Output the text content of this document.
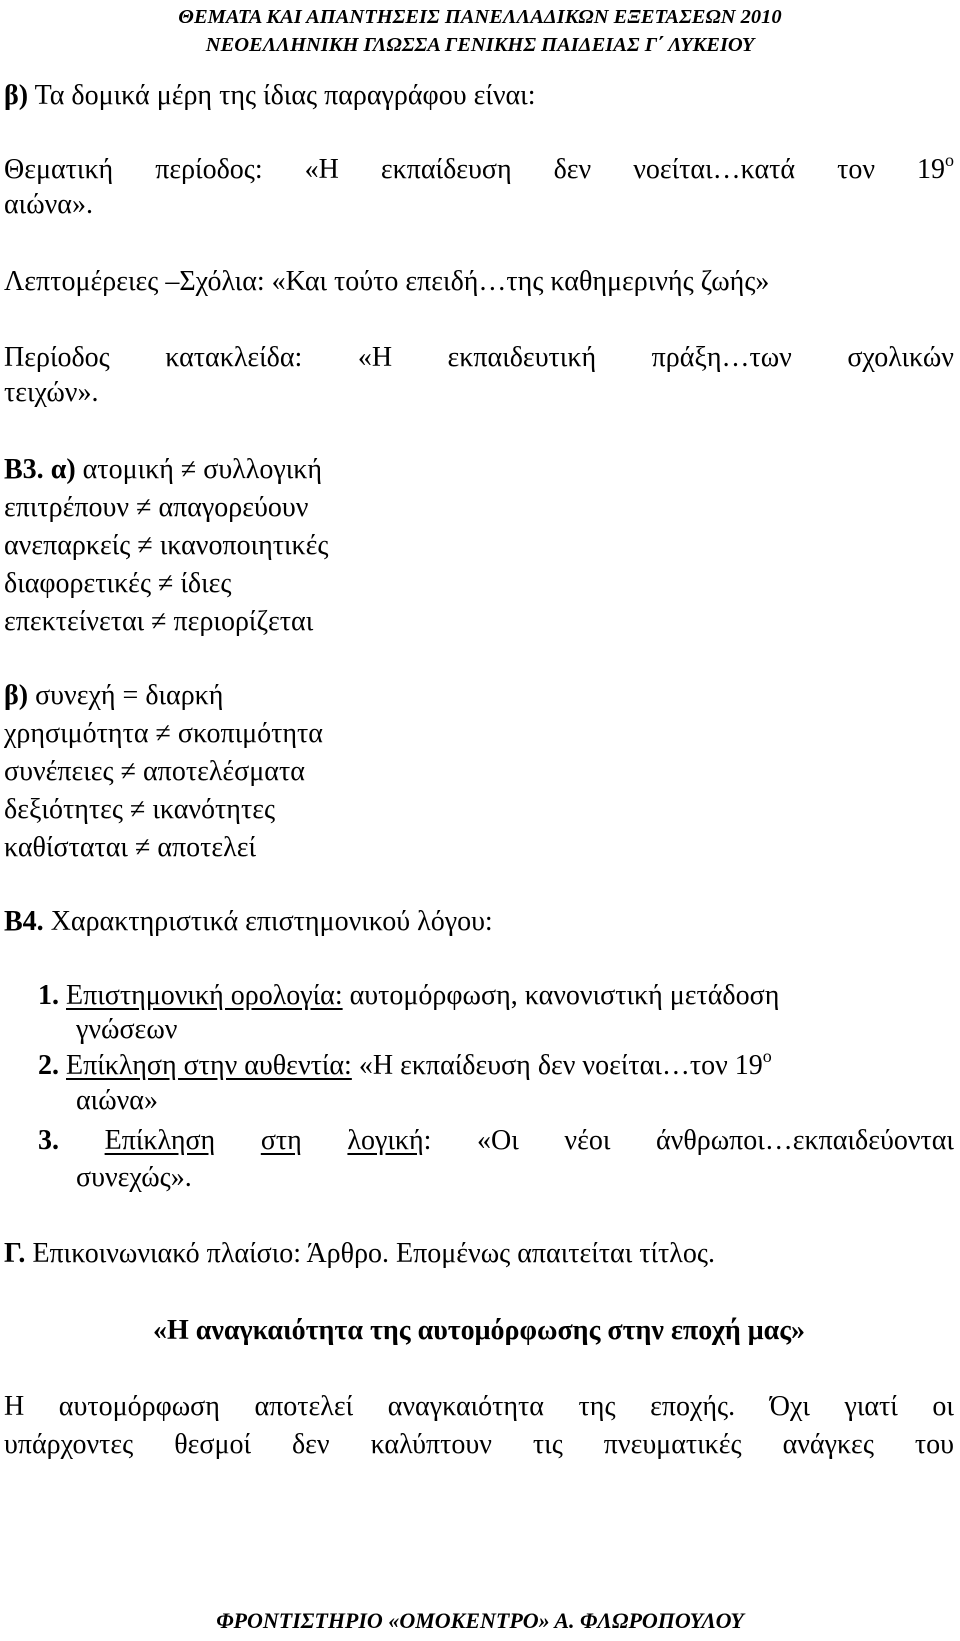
ΘΕΜΑΤΑ ΚΑΙ ΑΠΑΝΤΗΣΕΙΣ ΠΑΝΕΛΛΑΔΙΚΩΝ ΕΞΕΤΑΣΕΩΝ 2010
ΝΕΟΕΛΛΗΝΙΚΗ ΓΛΩΣΣΑ ΓΕΝΙΚΗΣ ΠΑΙΔΕΙΑΣ Γ΄ ΛΥΚΕΙΟΥ
β) Τα δομικά μέρη της ίδιας παραγράφου είναι:
Θεματική περίοδος: «Η εκπαίδευση δεν νοείται…κατά τον $19^o$
αιώνα».
Λεπτομέρειες –Σχόλια: «Και τούτο επειδή…της καθημερινής ζωής»
Περίοδος κατακλείδα: «Η εκπαιδευτική πράξη…των σχολικών
τειχών».
Β3. α) ατομική ≠ συλλογική
επιτρέπουν ≠ απαγορεύουν
ανεπαρκείς ≠ ικανοποιητικές
διαφορετικές ≠ ίδιες
επεκτείνεται ≠ περιορίζεται
β) συνεχή = διαρκή
χρησιμότητα ≠ σκοπιμότητα
συνέπειες ≠ αποτελέσματα
δεξιότητες ≠ ικανότητες
καθίσταται ≠ αποτελεί
Β4. Χαρακτηριστικά επιστημονικού λόγου:
1. Επιστημονική ορολογία: αυτομόρφωση, κανονιστική μετάδοση
γνώσεων
2. Επίκληση στην αυθεντία: «Η εκπαίδευση δεν νοείται…τον $19^o$
αιώνα»
3. Επίκληση στη λογική: «Οι νέοι άνθρωποι…εκπαιδεύονται
συνεχώς».
Γ. Επικοινωνιακό πλαίσιο: Άρθρο. Επομένως απαιτείται τίτλος.
«Η αναγκαιότητα της αυτομόρφωσης στην εποχή μας»
Η αυτομόρφωση αποτελεί αναγκαιότητα της εποχής. Όχι γιατί οι
υπάρχοντες θεσμοί δεν καλύπτουν τις πνευματικές ανάγκες του
ΦΡΟΝΤΙΣΤΗΡΙΟ «ΟΜΟΚΕΝΤΡΟ» Α. ΦΛΩΡΟΠΟΥΛΟΥ
